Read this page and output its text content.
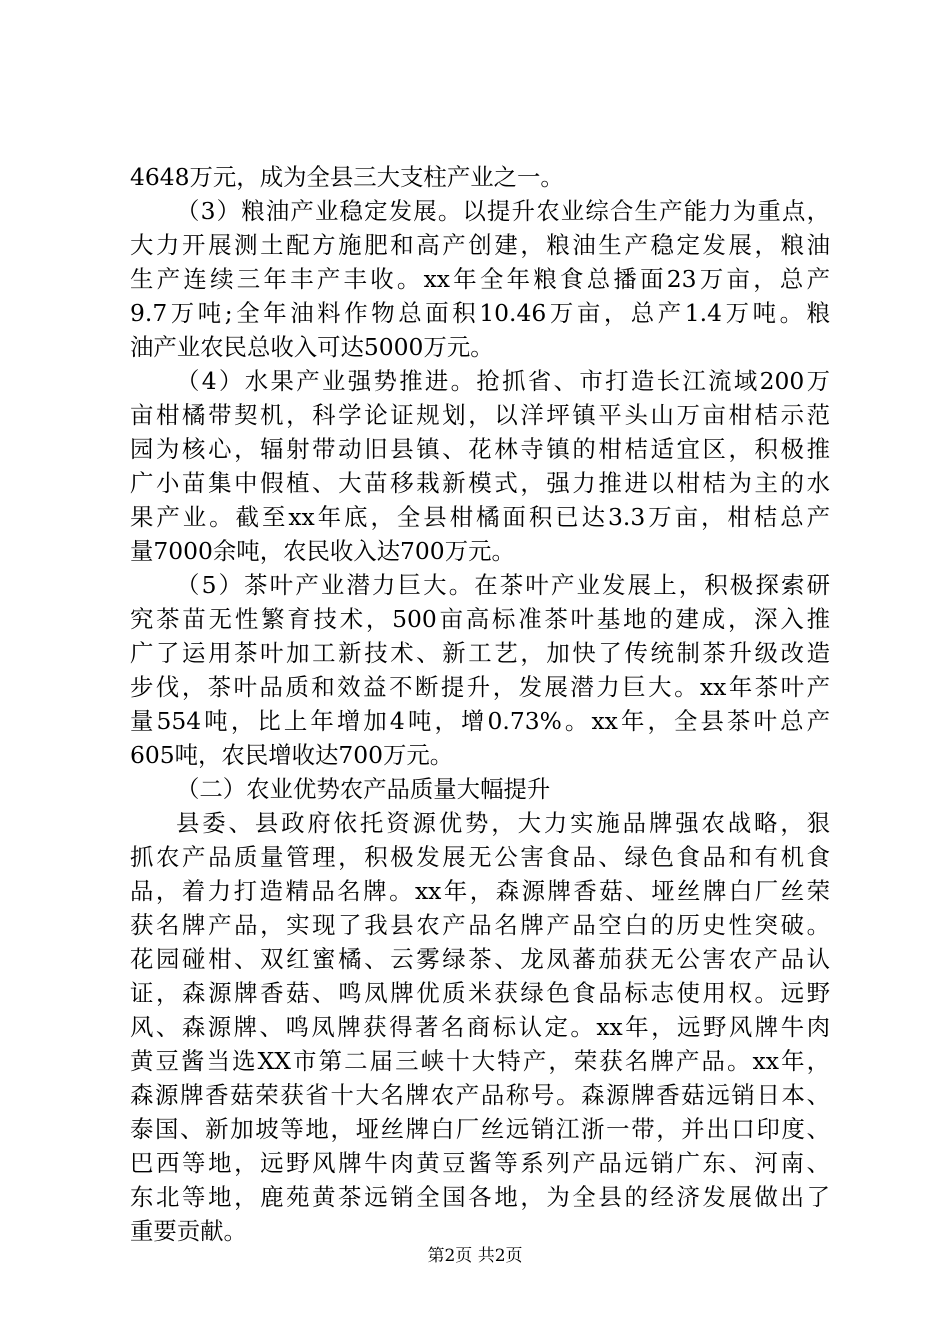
4648万元，成为全县三大支柱产业之一。
（3）粮油产业稳定发展。以提升农业综合生产能力为重点，
大力开展测土配方施肥和高产创建，粮油生产稳定发展，粮油
生产连续三年丰产丰收。xx年全年粮食总播面23万亩，总产
9.7万吨;全年油料作物总面积10.46万亩，总产1.4万吨。粮
油产业农民总收入可达5000万元。
（4）水果产业强势推进。抢抓省、市打造长江流域200万
亩柑橘带契机，科学论证规划，以洋坪镇平头山万亩柑桔示范
园为核心，辐射带动旧县镇、花林寺镇的柑桔适宜区，积极推
广小苗集中假植、大苗移栽新模式，强力推进以柑桔为主的水
果产业。截至xx年底，全县柑橘面积已达3.3万亩，柑桔总产
量7000余吨，农民收入达700万元。
（5）茶叶产业潜力巨大。在茶叶产业发展上，积极探索研
究茶苗无性繁育技术，500亩高标准茶叶基地的建成，深入推
广了运用茶叶加工新技术、新工艺，加快了传统制茶升级改造
步伐，茶叶品质和效益不断提升，发展潜力巨大。xx年茶叶产
量554吨，比上年增加4吨，增0.73%。xx年，全县茶叶总产
605吨，农民增收达700万元。
（二）农业优势农产品质量大幅提升
县委、县政府依托资源优势，大力实施品牌强农战略，狠
抓农产品质量管理，积极发展无公害食品、绿色食品和有机食
品，着力打造精品名牌。xx年，森源牌香菇、垭丝牌白厂丝荣
获名牌产品，实现了我县农产品名牌产品空白的历史性突破。
花园碰柑、双红蜜橘、云雾绿茶、龙凤蕃茄获无公害农产品认
证，森源牌香菇、鸣凤牌优质米获绿色食品标志使用权。远野
风、森源牌、鸣凤牌获得著名商标认定。xx年，远野风牌牛肉
黄豆酱当选XX市第二届三峡十大特产，荣获名牌产品。xx年，
森源牌香菇荣获省十大名牌农产品称号。森源牌香菇远销日本、
泰国、新加坡等地，垭丝牌白厂丝远销江浙一带，并出口印度、
巴西等地，远野风牌牛肉黄豆酱等系列产品远销广东、河南、
东北等地，鹿苑黄茶远销全国各地，为全县的经济发展做出了
重要贡献。
第2页 共2页
